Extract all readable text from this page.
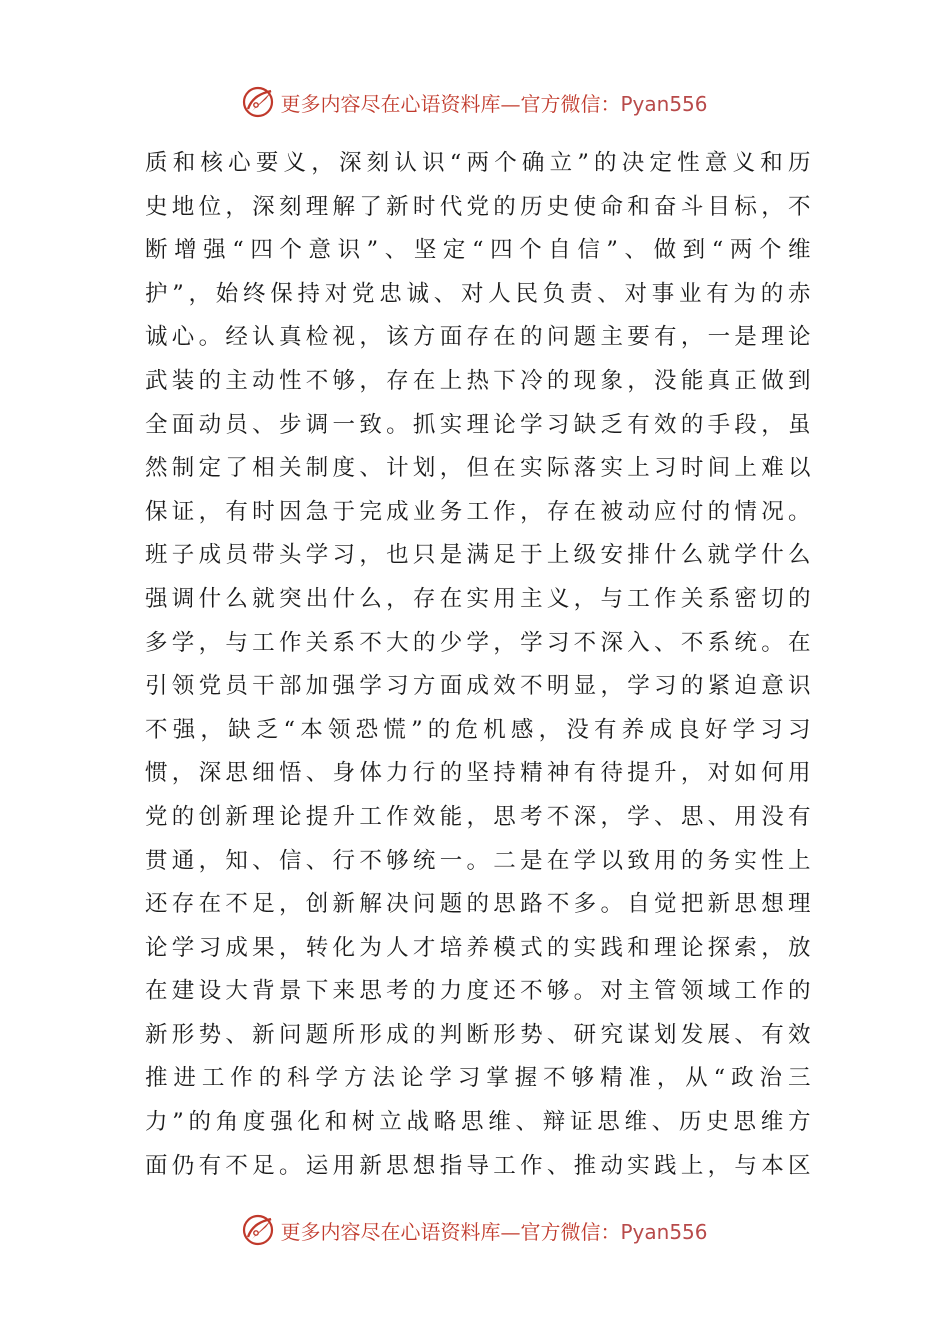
更多内容尽在心语资料库—官方微信：Pyan556
质和核心要义，深刻认识“两个确立”的决定性意义和历
史地位，深刻理解了新时代党的历史使命和奋斗目标，不
断增强“四个意识”、坚定“四个自信”、做到“两个维
护”，始终保持对党忠诚、对人民负责、对事业有为的赤
诚心。经认真检视，该方面存在的问题主要有，一是理论
武装的主动性不够，存在上热下冷的现象，没能真正做到
全面动员、步调一致。抓实理论学习缺乏有效的手段，虽
然制定了相关制度、计划，但在实际落实上习时间上难以
保证，有时因急于完成业务工作，存在被动应付的情况。
班子成员带头学习，也只是满足于上级安排什么就学什么
强调什么就突出什么，存在实用主义，与工作关系密切的
多学，与工作关系不大的少学，学习不深入、不系统。在
引领党员干部加强学习方面成效不明显，学习的紧迫意识
不强，缺乏“本领恐慌”的危机感，没有养成良好学习习
惯，深思细悟、身体力行的坚持精神有待提升，对如何用
党的创新理论提升工作效能，思考不深，学、思、用没有
贯通，知、信、行不够统一。二是在学以致用的务实性上
还存在不足，创新解决问题的思路不多。自觉把新思想理
论学习成果，转化为人才培养模式的实践和理论探索，放
在建设大背景下来思考的力度还不够。对主管领域工作的
新形势、新问题所形成的判断形势、研究谋划发展、有效
推进工作的科学方法论学习掌握不够精准，从“政治三
力”的角度强化和树立战略思维、辩证思维、历史思维方
面仍有不足。运用新思想指导工作、推动实践上，与本区
更多内容尽在心语资料库—官方微信：Pyan556
